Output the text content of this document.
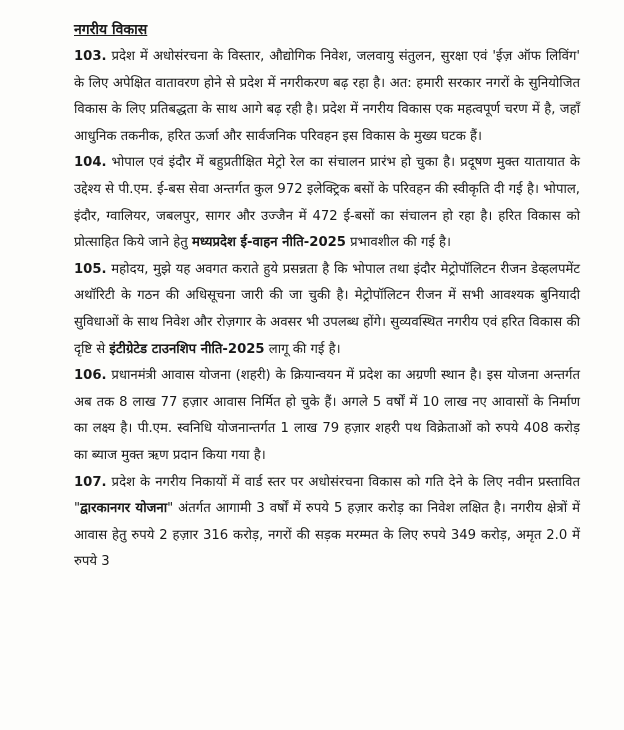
नगरीय विकास

103. प्रदेश में अधोसंरचना के विस्तार, औद्योगिक निवेश, जलवायु संतुलन, सुरक्षा एवं 'ईज़ ऑफ लिविंग' के लिए अपेक्षित वातावरण होने से प्रदेश में नगरीकरण बढ़ रहा है। अत: हमारी सरकार नगरों के सुनियोजित विकास के लिए प्रतिबद्धता के साथ आगे बढ़ रही है। प्रदेश में नगरीय विकास एक महत्वपूर्ण चरण में है, जहाँ आधुनिक तकनीक, हरित ऊर्जा और सार्वजनिक परिवहन इस विकास के मुख्य घटक हैं।

104. भोपाल एवं इंदौर में बहुप्रतीक्षित मेट्रो रेल का संचालन प्रारंभ हो चुका है। प्रदूषण मुक्त यातायात के उद्देश्य से पी.एम. ई-बस सेवा अन्तर्गत कुल 972 इलेक्ट्रिक बसों के परिवहन की स्वीकृति दी गई है। भोपाल, इंदौर, ग्वालियर, जबलपुर, सागर और उज्जैन में 472 ई-बसों का संचालन हो रहा है। हरित विकास को प्रोत्साहित किये जाने हेतु मध्यप्रदेश ई-वाहन नीति-2025 प्रभावशील की गई है।

105. महोदय, मुझे यह अवगत कराते हुये प्रसन्नता है कि भोपाल तथा इंदौर मेट्रोपॉलिटन रीजन डेव्हलपमेंट अथॉरिटी के गठन की अधिसूचना जारी की जा चुकी है। मेट्रोपॉलिटन रीजन में सभी आवश्यक बुनियादी सुविधाओं के साथ निवेश और रोज़गार के अवसर भी उपलब्ध होंगे। सुव्यवस्थित नगरीय एवं हरित विकास की दृष्टि से इंटीग्रेटेड टाउनशिप नीति-2025 लागू की गई है।

106. प्रधानमंत्री आवास योजना (शहरी) के क्रियान्वयन में प्रदेश का अग्रणी स्थान है। इस योजना अन्तर्गत अब तक 8 लाख 77 हज़ार आवास निर्मित हो चुके हैं। अगले 5 वर्षों में 10 लाख नए आवासों के निर्माण का लक्ष्य है। पी.एम. स्वनिधि योजनान्तर्गत 1 लाख 79 हज़ार शहरी पथ विक्रेताओं को रुपये 408 करोड़ का ब्याज मुक्त ऋण प्रदान किया गया है।

107. प्रदेश के नगरीय निकायों में वार्ड स्तर पर अधोसंरचना विकास को गति देने के लिए नवीन प्रस्तावित "द्वारकानगर योजना" अंतर्गत आगामी 3 वर्षों में रुपये 5 हज़ार करोड़ का निवेश लक्षित है। नगरीय क्षेत्रों में आवास हेतु रुपये 2 हज़ार 316 करोड़, नगरों की सड़क मरम्मत के लिए रुपये 349 करोड़, अमृत 2.0 में रुपये 3
